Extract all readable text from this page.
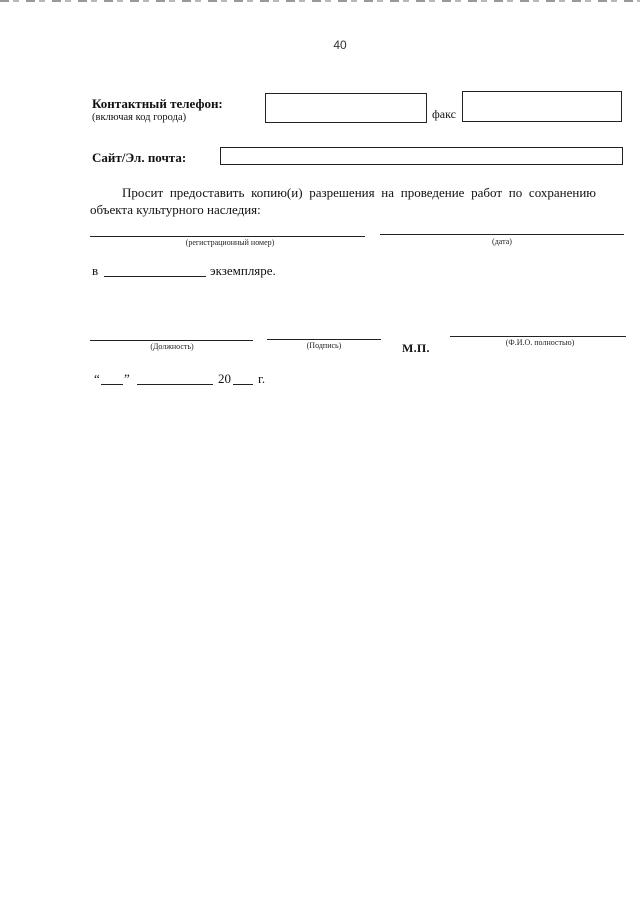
40
Контактный телефон:
(включая код города)	факс
Сайт/Эл. почта:
Просит предоставить копию(и) разрешения на проведение работ по сохранению объекта культурного наследия:
(регистрационный номер)	(дата)
в	экземпляре.
(Должность)	(Подпись)	М.П.	(Ф.И.О. полностью)
“ ”	20 г.
